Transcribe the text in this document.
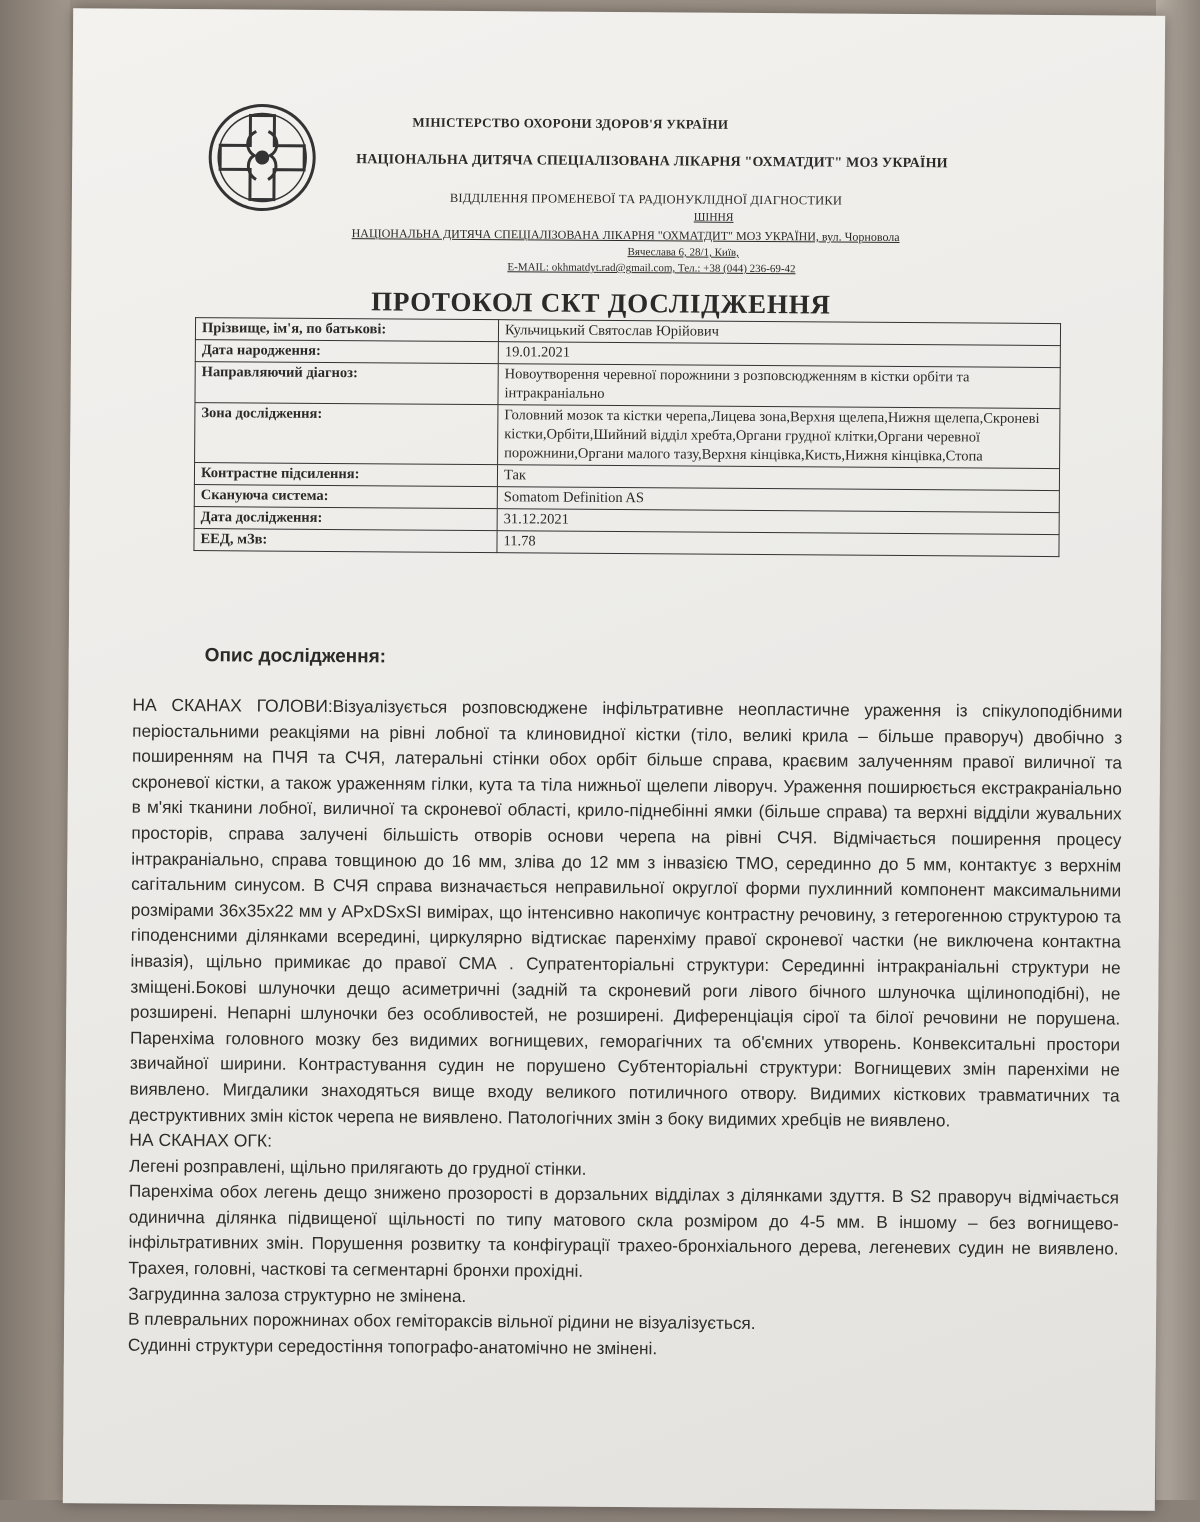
МІНІСТЕРСТВО ОХОРОНИ ЗДОРОВ'Я УКРАЇНИ
НАЦІОНАЛЬНА ДИТЯЧА СПЕЦІАЛІЗОВАНА ЛІКАРНЯ "ОХМАТДИТ" МОЗ УКРАЇНИ
ВІДДІЛЕННЯ ПРОМЕНЕВОЇ ТА РАДІОНУКЛІДНОЇ ДІАГНОСТИКИ
ШІННЯ
НАЦІОНАЛЬНА ДИТЯЧА СПЕЦІАЛІЗОВАНА ЛІКАРНЯ "ОХМАТДИТ" МОЗ УКРАЇНИ, вул. Чорновола
Вячеслава 6, 28/1, Київ,
E-MAIL: okhmatdyt.rad@gmail.com, Тел.: +38 (044) 236-69-42
ПРОТОКОЛ СКТ ДОСЛІДЖЕННЯ
Прізвище, ім'я, по батькові:	Кульчицький Святослав Юрійович
Дата народження:	19.01.2021
Направляючий діагноз:	Новоутворення черевної порожнини з розповсюдженням в кістки орбіти та інтракраніально
Зона дослідження:	Головний мозок та кістки черепа,Лицева зона,Верхня щелепа,Нижня щелепа,Скроневі кістки,Орбіти,Шийний відділ хребта,Органи грудної клітки,Органи черевної порожнини,Органи малого тазу,Верхня кінцівка,Кисть,Нижня кінцівка,Стопа
Контрастне підсилення:	Так
Скануюча система:	Somatom Definition AS
Дата дослідження:	31.12.2021
ЕЕД, мЗв:	11.78
Опис дослідження:

НА СКАНАХ ГОЛОВИ:Візуалізується розповсюджене інфільтративне неопластичне ураження із спікулоподібними періостальними реакціями на рівні лобної та клиновидної кістки (тіло, великі крила – більше праворуч) двобічно з поширенням на ПЧЯ та СЧЯ, латеральні стінки обох орбіт більше справа, краєвим залученням правої виличної та скроневої кістки, а також ураженням гілки, кута та тіла нижньої щелепи ліворуч. Ураження поширюється екстракраніально в м'які тканини лобної, виличної та скроневої області, крило-піднебінні ямки (більше справа) та верхні відділи жувальних просторів, справа залучені більшість отворів основи черепа на рівні СЧЯ. Відмічається поширення процесу інтракраніально, справа товщиною до 16 мм, зліва до 12 мм з інвазією ТМО, серединно до 5 мм, контактує з верхнім сагітальним синусом. В СЧЯ справа визначається неправильної округлої форми пухлинний компонент максимальними розмірами 36х35х22 мм у APxDSxSI вимірах, що інтенсивно накопичує контрастну речовину, з гетерогенною структурою та гіподенсними ділянками всередині, циркулярно відтискає паренхіму правої скроневої частки (не виключена контактна інвазія), щільно примикає до правої СМА . Супратенторіальні структури: Серединні інтракраніальні структури не зміщені.Бокові шлуночки дещо асиметричні (задній та скроневий роги лівого бічного шлуночка щілиноподібні), не розширені. Непарні шлуночки без особливостей, не розширені. Диференціація сірої та білої речовини не порушена. Паренхіма головного мозку без видимих вогнищевих, геморагічних та об'ємних утворень. Конвекситальні простори звичайної ширини. Контрастування судин не порушено Субтенторіальні структури: Вогнищевих змін паренхіми не виявлено. Мигдалики знаходяться вище входу великого потиличного отвору. Видимих кісткових травматичних та деструктивних змін кісток черепа не виявлено. Патологічних змін з боку видимих хребців не виявлено.

НА СКАНАХ ОГК:

Легені розправлені, щільно прилягають до грудної стінки.

Паренхіма обох легень дещо знижено прозорості в дорзальних відділах з ділянками здуття. В S2 праворуч відмічається одинична ділянка підвищеної щільності по типу матового скла розміром до 4-5 мм. В іншому – без вогнищево-інфільтративних змін. Порушення розвитку та конфігурації трахео-бронхіального дерева, легеневих судин не виявлено. Трахея, головні, часткові та сегментарні бронхи прохідні.

Загрудинна залоза структурно не змінена.

В плевральних порожнинах обох геміторaксів вільної рідини не візуалізується.

Судинні структури середостіння топографо-анатомічно не змінені.
